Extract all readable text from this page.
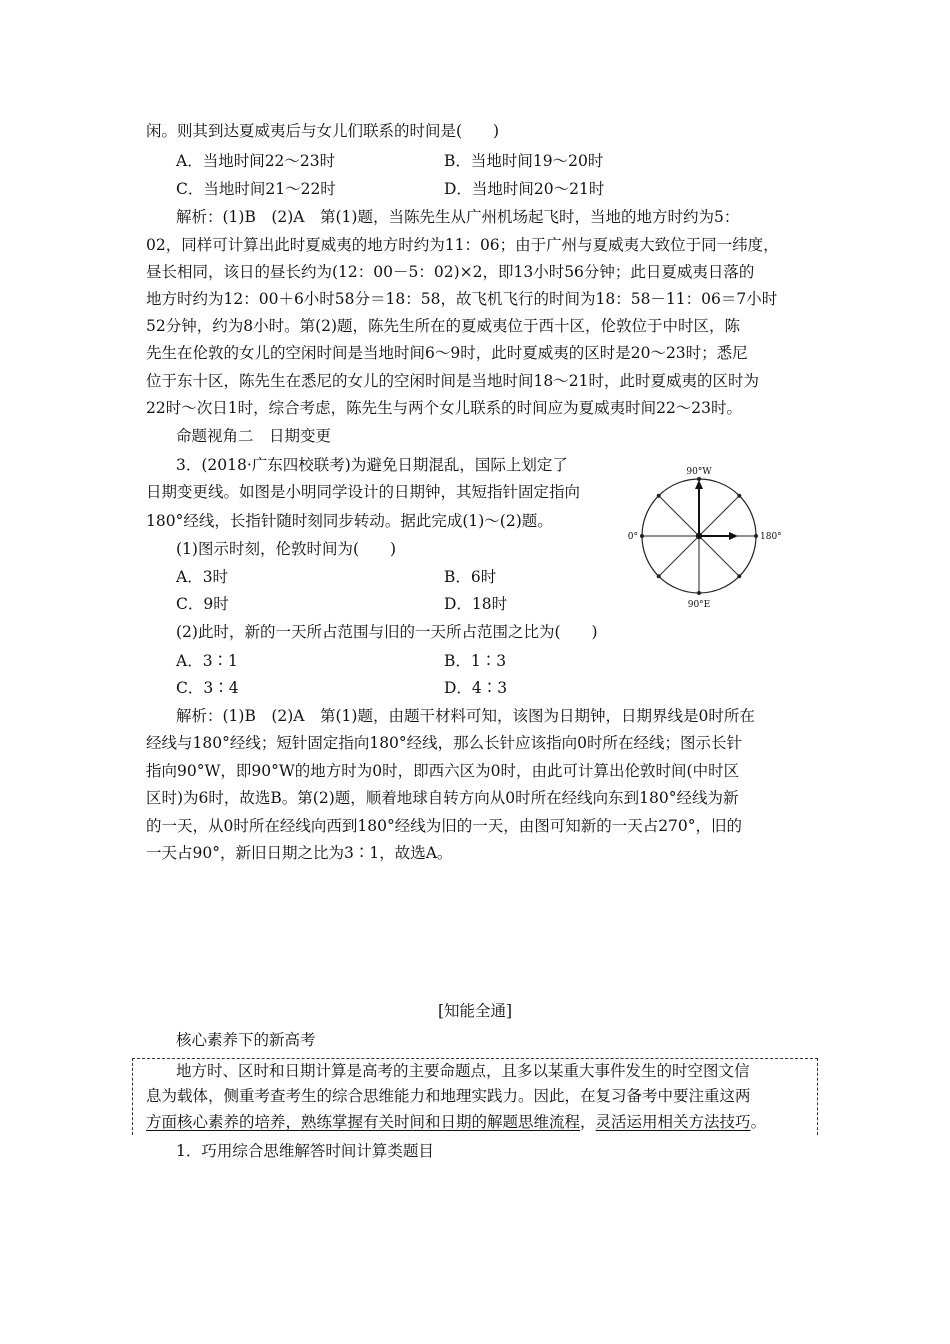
闲。则其到达夏威夷后与女儿们联系的时间是(　　)
A．当地时间22～23时	B．当地时间19～20时
C．当地时间21～22时	D．当地时间20～21时
解析：(1)B　(2)A　第(1)题，当陈先生从广州机场起飞时，当地的地方时约为5：
02，同样可计算出此时夏威夷的地方时约为11：06；由于广州与夏威夷大致位于同一纬度，
昼长相同，该日的昼长约为(12：00－5：02)×2，即13小时56分钟；此日夏威夷日落的
地方时约为12：00＋6小时58分＝18：58，故飞机飞行的时间为18：58－11：06＝7小时
52分钟，约为8小时。第(2)题，陈先生所在的夏威夷位于西十区，伦敦位于中时区，陈
先生在伦敦的女儿的空闲时间是当地时间6～9时，此时夏威夷的区时是20～23时；悉尼
位于东十区，陈先生在悉尼的女儿的空闲时间是当地时间18～21时，此时夏威夷的区时为
22时～次日1时，综合考虑，陈先生与两个女儿联系的时间应为夏威夷时间22～23时。
命题视角二　日期变更
3．(2018·广东四校联考)为避免日期混乱，国际上划定了
日期变更线。如图是小明同学设计的日期钟，其短指针固定指向
180°经线，长指针随时刻同步转动。据此完成(1)～(2)题。
(1)图示时刻，伦敦时间为(　　)
A．3时	B．6时
C．9时	D．18时
(2)此时，新的一天所占范围与旧的一天所占范围之比为(　　)
A．3∶1	B．1∶3
C．3∶4	D．4∶3
解析：(1)B　(2)A　第(1)题，由题干材料可知，该图为日期钟，日期界线是0时所在
经线与180°经线；短针固定指向180°经线，那么长针应该指向0时所在经线；图示长针
指向90°W，即90°W的地方时为0时，即西六区为0时，由此可计算出伦敦时间(中时区
区时)为6时，故选B。第(2)题，顺着地球自转方向从0时所在经线向东到180°经线为新
的一天，从0时所在经线向西到180°经线为旧的一天，由图可知新的一天占270°，旧的
一天占90°，新旧日期之比为3∶1，故选A。
90°W
90°E
0°	180°
[知能全通]
核心素养下的新高考
地方时、区时和日期计算是高考的主要命题点，且多以某重大事件发生的时空图文信
息为载体，侧重考查考生的综合思维能力和地理实践力。因此，在复习备考中要注重这两
方面核心素养的培养，熟练掌握有关时间和日期的解题思维流程，灵活运用相关方法技巧。
1．巧用综合思维解答时间计算类题目
